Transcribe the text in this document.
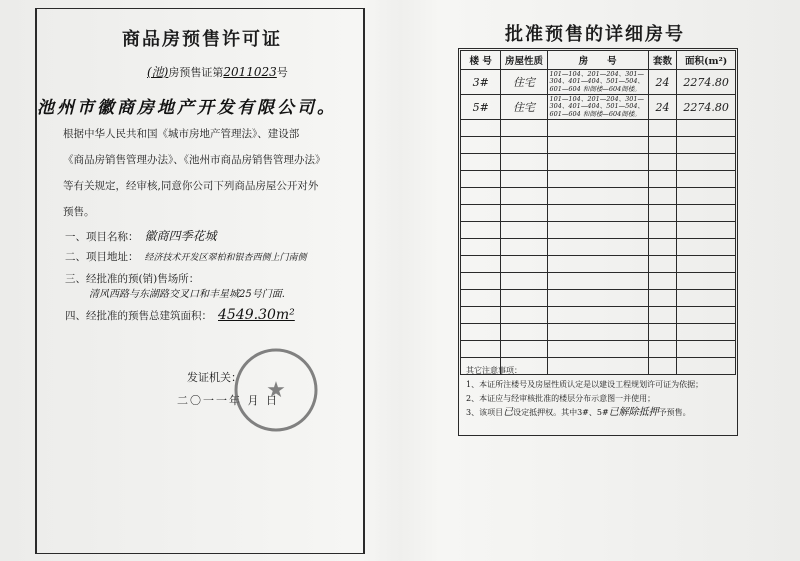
商品房预售许可证
(池)房预售证第2011023号
池州市徽商房地产开发有限公司。
根据中华人民共和国《城市房地产管理法》、建设部
《商品房销售管理办法》、《池州市商品房销售管理办法》
等有关规定，经审核,同意你公司下列商品房屋公开对外
预售。
一、项目名称： 徽商四季花城
二、项目地址： 经济技术开发区翠柏和银杏西侧上门南侧
三、经批准的预(销)售场所：
清风西路与东湖路交叉口和丰星城25号门面.
四、经批准的预售总建筑面积： 4549.30m²
发证机关：
二〇一一年 月 日
★
批准预售的详细房号
楼 号	房屋性质	房　　号	套数	面积(m²)
3#	住宅	101—104、201—204、301—304、401—404、501—504、601—604 和阁楼—604阁楼。	24	2274.80
5#	住宅	101—104、201—204、301—304、401—404、501—504、601—604 和阁楼—604阁楼。	24	2274.80

其它注意事项：
1、本证所注楼号及房屋性质认定是以建设工程规划许可证为依据；
2、本证应与经审核批准的楼层分布示意图一并使用；
3、该项目已设定抵押权。其中3#、5#已解除抵押予预售。
